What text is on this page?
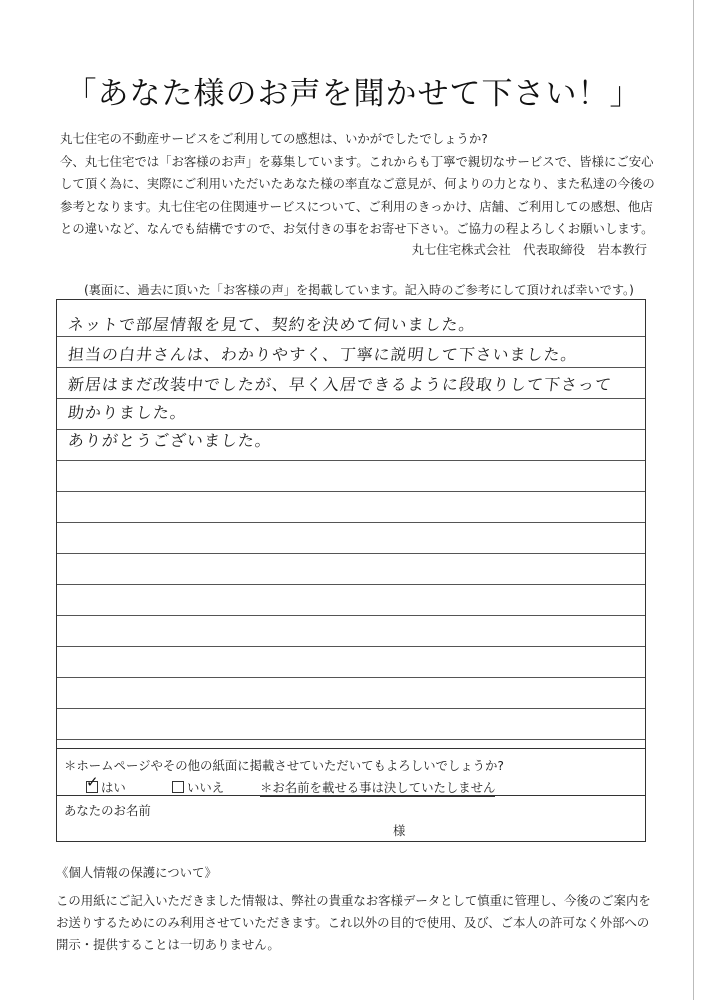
「あなた様のお声を聞かせて下さい！」

丸七住宅の不動産サービスをご利用しての感想は、いかがでしたでしょうか?

今、丸七住宅では「お客様のお声」を募集しています。これからも丁寧で親切なサービスで、皆様にご安心

して頂く為に、実際にご利用いただいたあなた様の率直なご意見が、何よりの力となり、また私達の今後の

参考となります。丸七住宅の住関連サービスについて、ご利用のきっかけ、店舗、ご利用しての感想、他店

との違いなど、なんでも結構ですので、お気付きの事をお寄せ下さい。ご協力の程よろしくお願いします。

丸七住宅株式会社　代表取締役　岩本教行
(裏面に、過去に頂いた「お客様の声」を掲載しています。記入時のご参考にして頂ければ幸いです。)
ネットで部屋情報を見て、契約を決めて伺いました。
担当の白井さんは、わかりやすく、丁寧に説明して下さいました。
新居はまだ改装中でしたが、早く入居できるように段取りして下さって
助かりました。
ありがとうございました。
＊ホームページやその他の紙面に掲載させていただいてもよろしいでしょうか?
✓ はい	いいえ	＊お名前を載せる事は決していたしません
あなたのお名前
様
《個人情報の保護について》

この用紙にご記入いただきました情報は、弊社の貴重なお客様データとして慎重に管理し、今後のご案内を

お送りするためにのみ利用させていただきます。これ以外の目的で使用、及び、ご本人の許可なく外部への

開示・提供することは一切ありません。
